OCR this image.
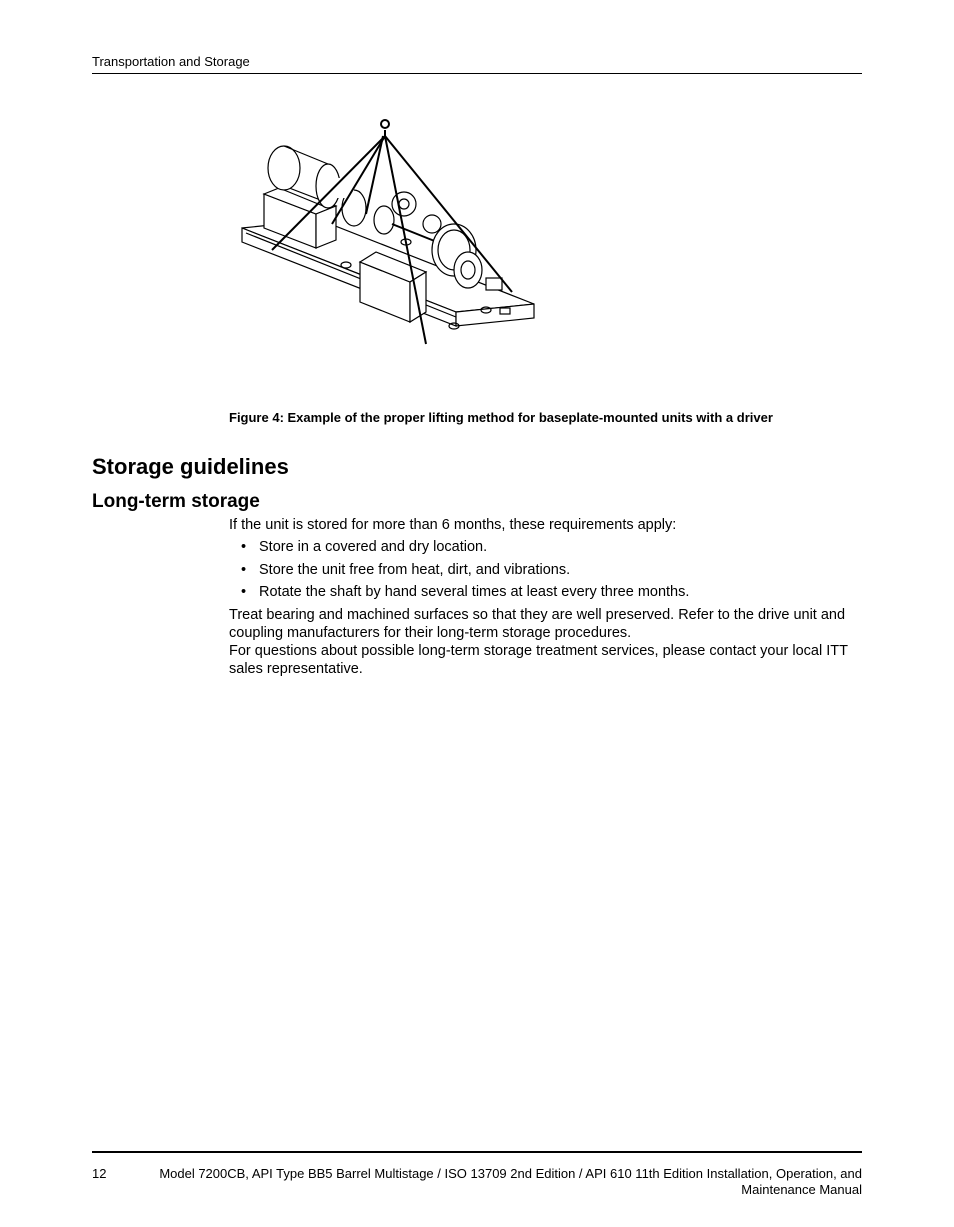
Transportation and Storage
Figure 4: Example of the proper lifting method for baseplate-mounted units with a driver
Storage guidelines
Long-term storage

If the unit is stored for more than 6 months, these requirements apply:

• Store in a covered and dry location.
• Store the unit free from heat, dirt, and vibrations.
• Rotate the shaft by hand several times at least every three months.

Treat bearing and machined surfaces so that they are well preserved. Refer to the drive unit and coupling manufacturers for their long-term storage procedures.

For questions about possible long-term storage treatment services, please contact your local ITT sales representative.

12	Model 7200CB, API Type BB5 Barrel Multistage / ISO 13709 2nd Edition / API 610 11th Edition Installation, Operation, and Maintenance Manual
